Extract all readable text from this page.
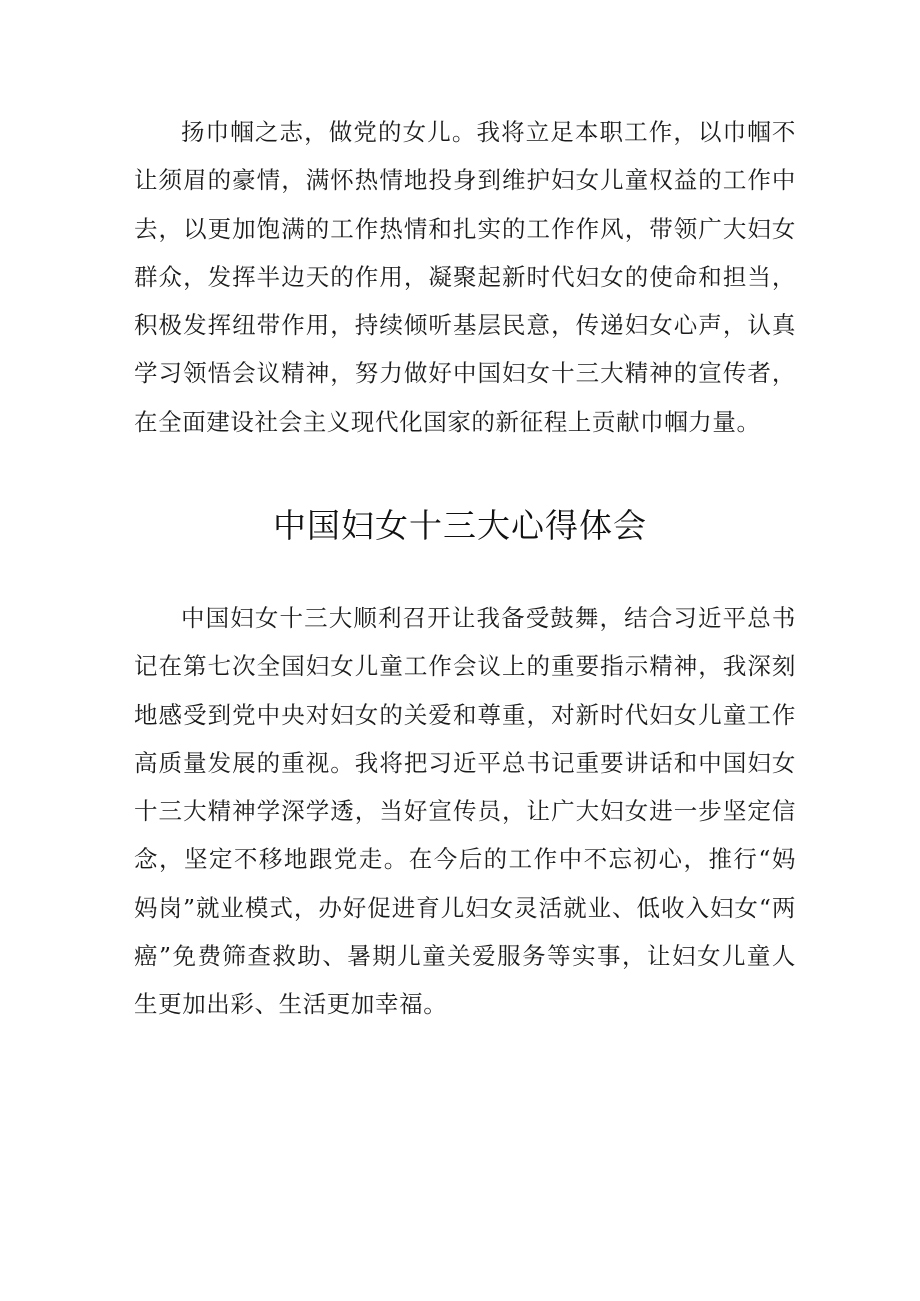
扬巾帼之志，做党的女儿。我将立足本职工作，以巾帼不让须眉的豪情，满怀热情地投身到维护妇女儿童权益的工作中去，以更加饱满的工作热情和扎实的工作作风，带领广大妇女群众，发挥半边天的作用，凝聚起新时代妇女的使命和担当，积极发挥纽带作用，持续倾听基层民意，传递妇女心声，认真学习领悟会议精神，努力做好中国妇女十三大精神的宣传者，在全面建设社会主义现代化国家的新征程上贡献巾帼力量。

中国妇女十三大心得体会

中国妇女十三大顺利召开让我备受鼓舞，结合习近平总书记在第七次全国妇女儿童工作会议上的重要指示精神，我深刻地感受到党中央对妇女的关爱和尊重，对新时代妇女儿童工作高质量发展的重视。我将把习近平总书记重要讲话和中国妇女十三大精神学深学透，当好宣传员，让广大妇女进一步坚定信念，坚定不移地跟党走。在今后的工作中不忘初心，推行“妈妈岗”就业模式，办好促进育儿妇女灵活就业、低收入妇女“两癌”免费筛查救助、暑期儿童关爱服务等实事，让妇女儿童人生更加出彩、生活更加幸福。
